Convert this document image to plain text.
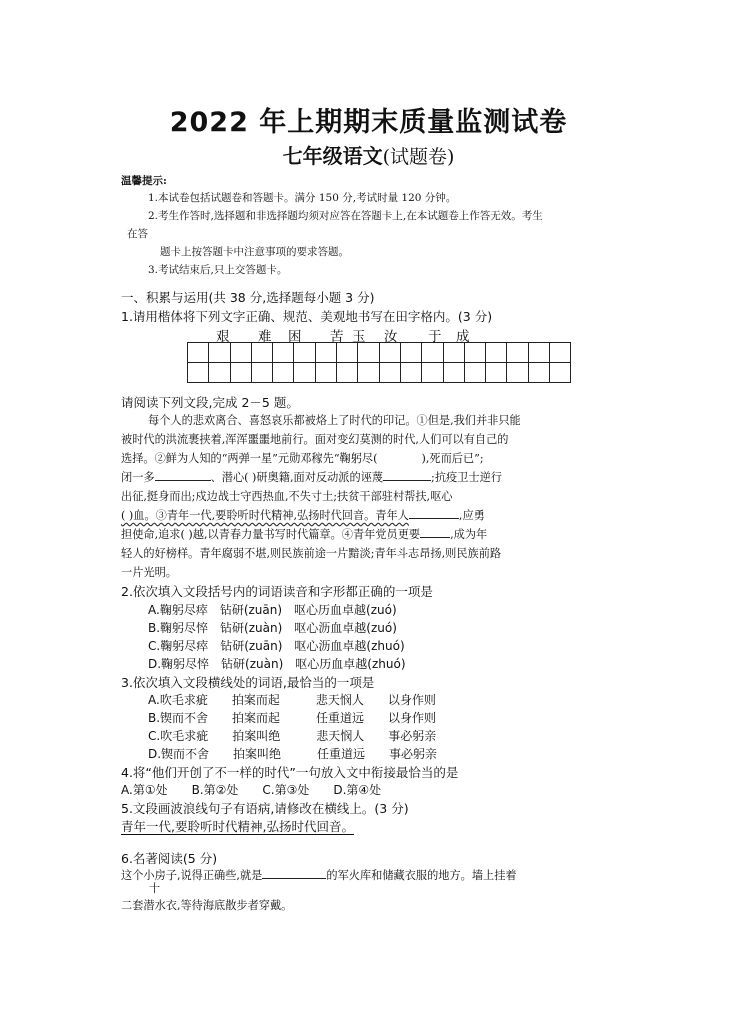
2022 年上期期末质量监测试卷
七年级语文(试题卷)
温馨提示:
1.本试卷包括试题卷和答题卡。满分 150 分,考试时量 120 分钟。
2.考生作答时,选择题和非选择题均须对应答在答题卡上,在本试题卷上作答无效。考生
在答
题卡上按答题卡中注意事项的要求答题。
3.考试结束后,只上交答题卡。
一、积累与运用(共 38 分,选择题每小题 3 分)
1.请用楷体将下列文字正确、规范、美观地书写在田字格内。(3 分)
艰 难 困 苦 玉 汝 于 成

请阅读下列文段,完成 2－5 题。
每个人的悲欢离合、喜怒哀乐都被烙上了时代的印记。①但是,我们并非只能
被时代的洪流裹挟着,浑浑噩噩地前行。面对变幻莫测的时代,人们可以有自己的
选择。②鲜为人知的“两弹一星”元勋邓稼先“鞠躬尽(	),死而后已”;
闭一多	、潜心( )研奥籍,面对反动派的诬蔑	;抗疫卫士逆行
出征,挺身而出;戍边战士守西热血,不失寸土;扶贫干部驻村帮扶,呕心
( )血。③青年一代,要聆听时代精神,弘扬时代回音。青年人	,应勇
担使命,追求( )越,以青春力量书写时代篇章。④青年党员更要	,成为年
轻人的好榜样。青年腐弱不堪,则民族前途一片黯淡;青年斗志昂扬,则民族前路
一片光明。
2.依次填入文段括号内的词语读音和字形都正确的一项是
A.鞠躬尽瘁　钻研(zuān)　呕心历血卓越(zuó)
B.鞠躬尽悴　钻研(zuàn)　呕心沥血卓越(zuó)
C.鞠躬尽瘁　钻研(zuān)　呕心沥血卓越(zhuó)
D.鞠躬尽悴　钻研(zuàn)　呕心历血卓越(zhuó)
3.依次填入文段横线处的词语,最恰当的一项是
A.吹毛求疵　　拍案而起　　　悲天悯人　　以身作则
B.锲而不舍　　拍案而起　　　任重道远　　以身作则
C.吹毛求疵　　拍案叫绝　　　悲天悯人　　事必躬亲
D.锲而不舍　　拍案叫绝　　　任重道远　　事必躬亲
4.将“他们开创了不一样的时代”一句放入文中衔接最恰当的是
A.第①处　　B.第②处　　C.第③处　　D.第④处
5.文段画波浪线句子有语病,请修改在横线上。(3 分)
青年一代,要聆听时代精神,弘扬时代回音。
6.名著阅读(5 分)
这个小房子,说得正确些,就是	的军火库和储藏衣服的地方。墙上挂着
十
二套潜水衣,等待海底散步者穿戴。
